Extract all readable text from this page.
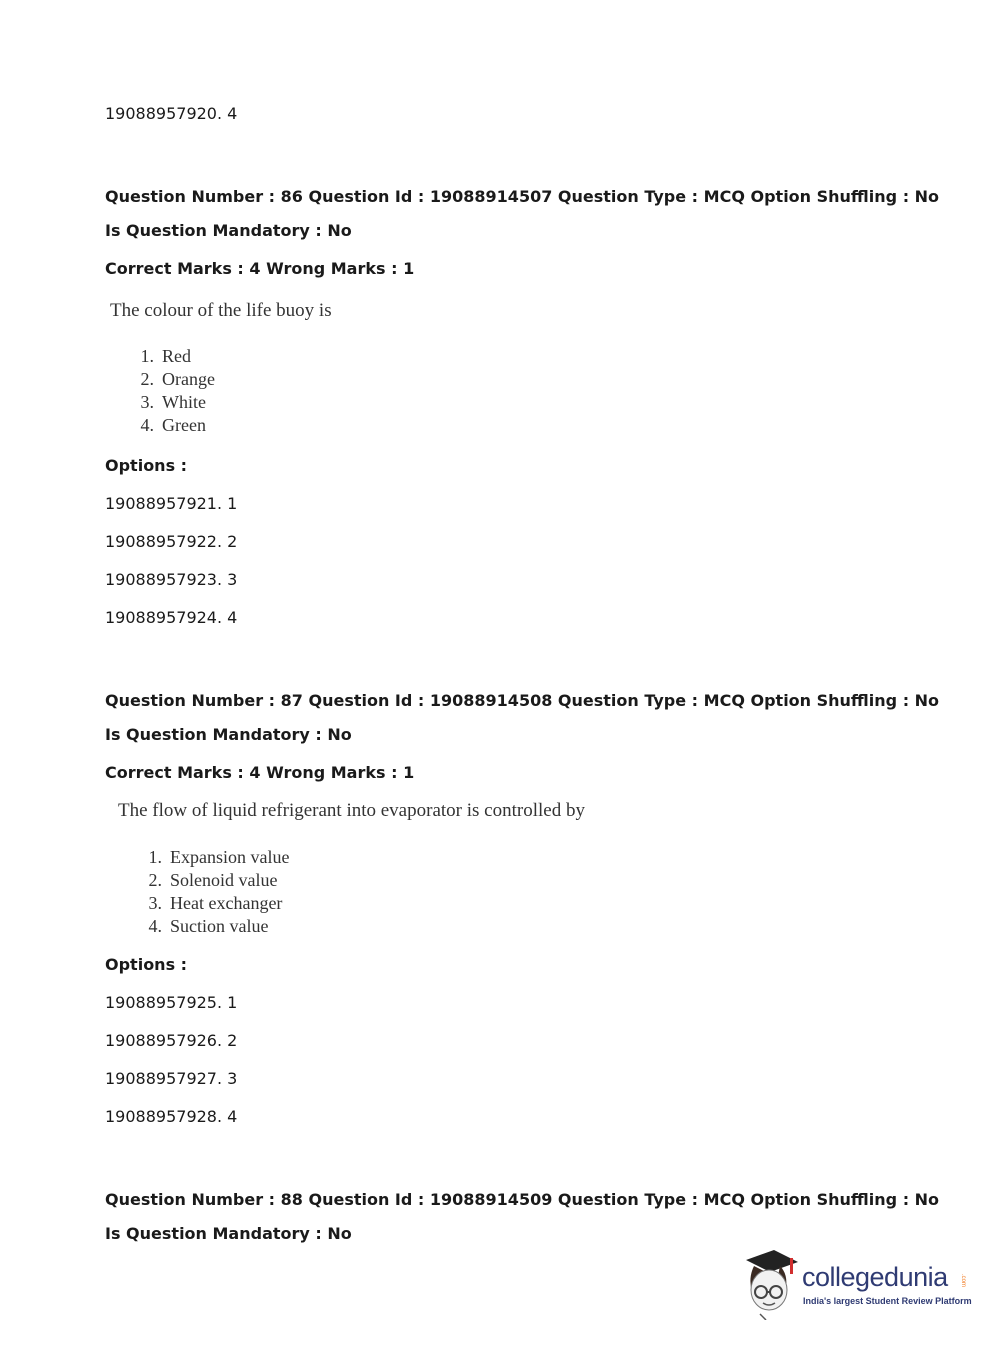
19088957920. 4
Question Number : 86 Question Id : 19088914507 Question Type : MCQ Option Shuffling : No
Is Question Mandatory : No
Correct Marks : 4 Wrong Marks : 1
The colour of the life buoy is
1. Red
2. Orange
3. White
4. Green
Options :
19088957921. 1
19088957922. 2
19088957923. 3
19088957924. 4
Question Number : 87 Question Id : 19088914508 Question Type : MCQ Option Shuffling : No
Is Question Mandatory : No
Correct Marks : 4 Wrong Marks : 1
The flow of liquid refrigerant into evaporator is controlled by
1. Expansion value
2. Solenoid value
3. Heat exchanger
4. Suction value
Options :
19088957925. 1
19088957926. 2
19088957927. 3
19088957928. 4
Question Number : 88 Question Id : 19088914509 Question Type : MCQ Option Shuffling : No
Is Question Mandatory : No
collegedunia .com
India's largest Student Review Platform
